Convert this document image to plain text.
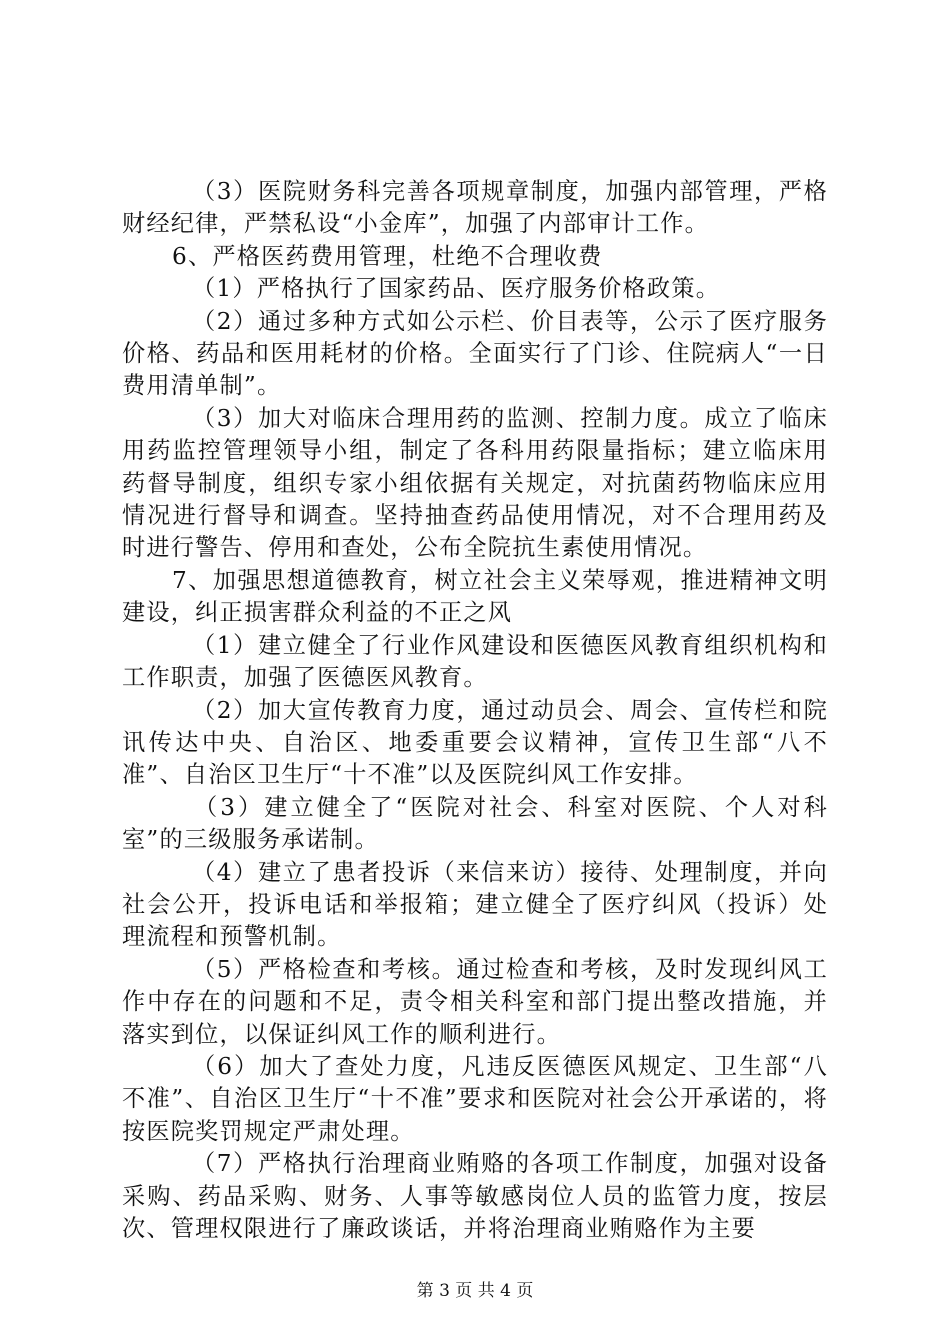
（3）医院财务科完善各项规章制度，加强内部管理，严格财经纪律，严禁私设“小金库”，加强了内部审计工作。

6、严格医药费用管理，杜绝不合理收费

（1）严格执行了国家药品、医疗服务价格政策。

（2）通过多种方式如公示栏、价目表等，公示了医疗服务价格、药品和医用耗材的价格。全面实行了门诊、住院病人“一日费用清单制”。

（3）加大对临床合理用药的监测、控制力度。成立了临床用药监控管理领导小组，制定了各科用药限量指标；建立临床用药督导制度，组织专家小组依据有关规定，对抗菌药物临床应用情况进行督导和调查。坚持抽查药品使用情况，对不合理用药及时进行警告、停用和查处，公布全院抗生素使用情况。

7、加强思想道德教育，树立社会主义荣辱观，推进精神文明建设，纠正损害群众利益的不正之风

（1）建立健全了行业作风建设和医德医风教育组织机构和工作职责，加强了医德医风教育。

（2）加大宣传教育力度，通过动员会、周会、宣传栏和院讯传达中央、自治区、地委重要会议精神，宣传卫生部“八不准”、自治区卫生厅“十不准”以及医院纠风工作安排。

（3）建立健全了“医院对社会、科室对医院、个人对科室”的三级服务承诺制。

（4）建立了患者投诉（来信来访）接待、处理制度，并向社会公开，投诉电话和举报箱；建立健全了医疗纠风（投诉）处理流程和预警机制。

（5）严格检查和考核。通过检查和考核，及时发现纠风工作中存在的问题和不足，责令相关科室和部门提出整改措施，并落实到位，以保证纠风工作的顺利进行。

（6）加大了查处力度，凡违反医德医风规定、卫生部“八不准”、自治区卫生厅“十不准”要求和医院对社会公开承诺的，将按医院奖罚规定严肃处理。

（7）严格执行治理商业贿赂的各项工作制度，加强对设备采购、药品采购、财务、人事等敏感岗位人员的监管力度，按层次、管理权限进行了廉政谈话，并将治理商业贿赂作为主要

第 3 页 共 4 页
